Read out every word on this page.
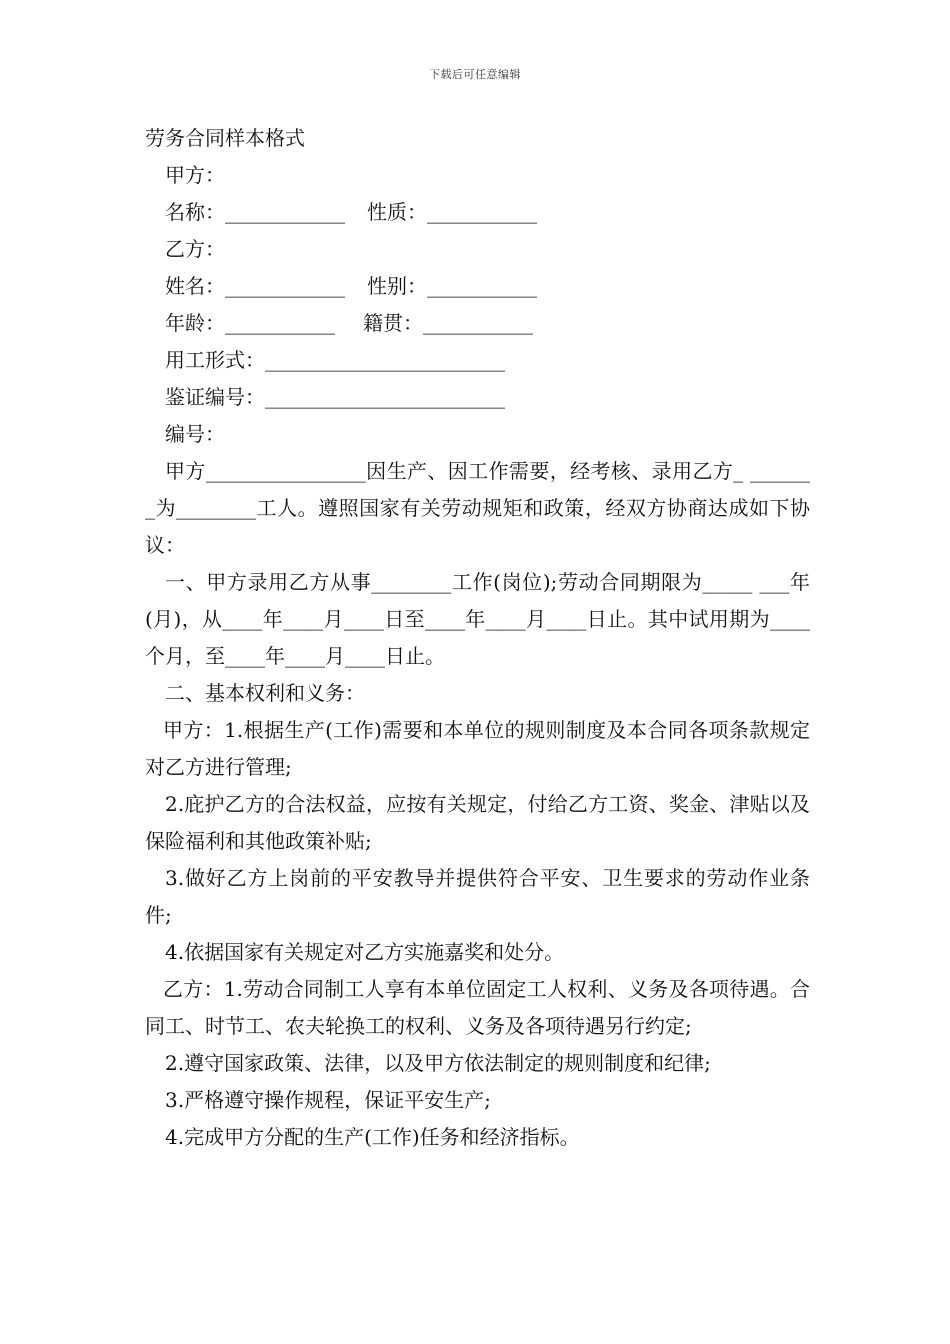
下载后可任意编辑
劳务合同样本格式
甲方：
名称：____________ 性质：___________
乙方：
姓名：____________ 性别：___________
年龄：___________ 籍贯：___________
用工形式：________________________
鉴证编号：________________________
编号：

甲方________________因生产、因工作需要，经考核、录用乙方_ _______为________工人。遵照国家有关劳动规矩和政策，经双方协商达成如下协议：

一、甲方录用乙方从事________工作(岗位);劳动合同期限为_____ ___年(月)，从____年____月____日至____年____月____日止。其中试用期为____个月，至____年____月____日止。

二、基本权利和义务：

甲方：1.根据生产(工作)需要和本单位的规则制度及本合同各项条款规定对乙方进行管理;

2.庇护乙方的合法权益，应按有关规定，付给乙方工资、奖金、津贴以及保险福利和其他政策补贴;

3.做好乙方上岗前的平安教导并提供符合平安、卫生要求的劳动作业条件;

4.依据国家有关规定对乙方实施嘉奖和处分。

乙方：1.劳动合同制工人享有本单位固定工人权利、义务及各项待遇。合同工、时节工、农夫轮换工的权利、义务及各项待遇另行约定;

2.遵守国家政策、法律，以及甲方依法制定的规则制度和纪律;

3.严格遵守操作规程，保证平安生产;

4.完成甲方分配的生产(工作)任务和经济指标。
